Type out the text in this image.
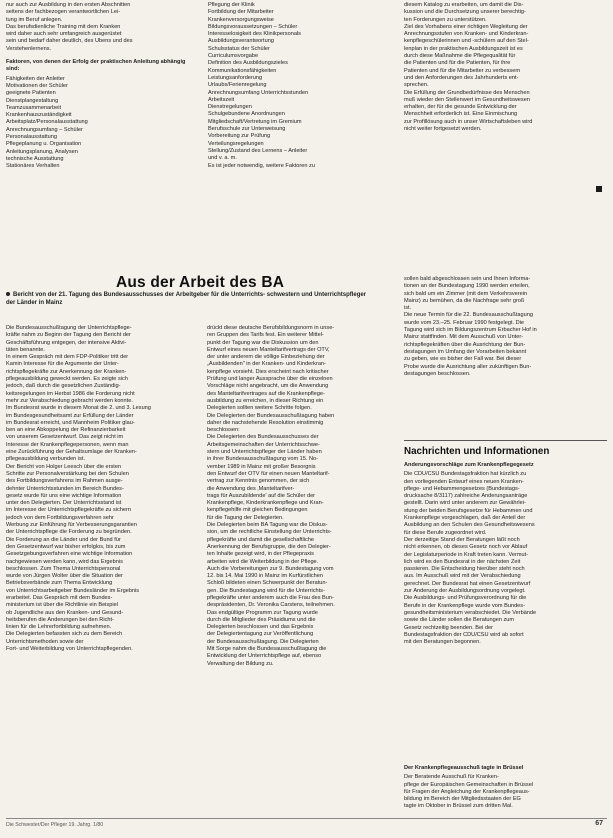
nur auch zur Ausbildung in den ersten Abschnitten
seitens der fachbezogen verantwortlichen Lei-
tung im Beruf anlegen.
Das berufsdienliche Training mit dem Kranken
wird daher auch sehr umfangreich ausgerüstet
sein und bedarf daher deutlich, des Übens und des
Verstehenlernens.

Faktoren, von denen der Erfolg der praktischen Anleitung abhängig sind:

Fähigkeiten der Anleiter
Motivationen der Schüler
geeignete Patienten
Dienstplangestaltung
Teamzusammenarbeit
Krankenhauszuständigkeit
Arbeitsplatz/Personalausstattung
Anrechnungsumfang – Schüler
Personalausstattung
Pflegeplanung u. Organisation
Anleitungsplanung, Analysen
technische Ausstattung
Stationäres Verhalten
Pflegung der Klinik
Fortbildung der Mitarbeiter
Krankenversorgungsweise
Bildungsvoraussetzungen – Schüler
Interesselosigkeit des Klinikpersonals
Ausbildungsverantwortung
Schulsstatus der Schüler
Curriculumsvorgabe
Definition des Ausbildungszieles
Kommunikationsfähigkeiten
Leistungsanforderung
Urlaubs/Ferienregelung
Anrechnungsumfang Unterrichtsstunden
Arbeitszeit
Dienstregelungen
Schulgebundene Anordnungen
Mitgliedschaft/Vertretung im Gremium
Berufsschule zur Unterweisung
Vorbereitung zur Prüfung
Verteilungsregelungen
Stellung/Zustand des Lernens – Anleiter
und v. a. m.
Es ist jeder notwendig, weitere Faktoren zu
diesem Katalog zu erarbeiten, um damit die Dis-
kussion und die Durchsetzung unserer berechtig-
ten Forderungen zu unterstützen.
Ziel des Vorhabens einer richtigen Wegleitung der
Anrechnungsstufen von Kranken- und Kinderkran-
kenpflegeschülerinnen und -schülern auf den Stel-
lenplan in der praktischen Ausbildungszeit ist es
durch diese Maßnahme die Pflegequalität für
die Patienten und für die Patienten, für ihre
Patienten und für die Mitarbeiter zu verbessern
und den Anforderungen des Jahrhunderts ent-
sprechen.
Die Erfüllung der Grundbedürfnisse des Menschen
muß wieder den Stellenwert im Gesundheitswesen
erhalten, der für die gesunde Entwicklung der
Menschheit erforderlich ist. Eine Einmischung
zur Profillösung auch in unser Wirtschaftsleben wird
nicht weiter fortgesetzt werden.
Aus der Arbeit des BA
Bericht von der 21. Tagung des Bundesausschusses der Arbeitgeber für die Unterrichts- schwestern und Unterrichtspfleger der Länder in Mainz
Die Bundesausschußtagung der Unterrichtspflege-
kräfte nahm zu Beginn der Tagung den Bericht der
Geschäftsführung entgegen, der intensive Aktivi-
täten benannte.
In einem Gespräch mit dem FDP-Politiker tritt der
Kamin Interesse für die Argumente der Unter-
richtspflegekräfte zur Anerkennung der Kranken-
pflegeausbildung geweckt werden. Es zeigte sich
jedoch, daß durch die gesetzlichen Zuständig-
keitsregelungen im Herbst 1986 die Forderung nicht
mehr zur Verabschiedung gebracht werden konnte.
Im Bundesrat wurde in diesem Monat die 2. und 3. Lesung
im Bundesgesundheitsamt zur Erfüllung der Länder
im Bundesrat erreicht, und Mannheim Politiker glau-
ben an eine Abkoppelung der Refinanzierbarkeit
von unserem Gesetzentwurf. Das zeigt nicht im
Interesse der Krankenpflegepersonen, wenn man
eine Zurückführung der Gehaltsumlage der Kranken-
pflegeausbildung verbunden ist.
Der Bericht von Holger Leesch über die ersten
Schritte zur Personalverstärkung bei den Schulen
des Fortbildungsverfahrens im Rahmen ausge-
dehnter Unterrichtsstunden im Bereich Bundes-
gesetz wurde für uns eine wichtige Information
unter den Delegierten. Der Unterrichtsstand ist
im Interesse der Unterrichtspflegekräfte zu sichern
jedoch von dem Fortbildungsverfahren sehr
Werbung zur Einführung für Verbesserungsgarantien
der Unterrichtspflege die Forderung zu begründen.
Die Forderung an die Länder und der Bund für
den Gesetzentwurf war bisher erfolglos, bis zum
Gesetzgebungsverfahren eine wichtige Information
nachgewiesen werden kann, wird das Ergebnis
beschlossen. Zum Thema Unterrichtspersonal
wurde von Jürgen Wolter über die Situation der
Betriebsverbände zum Thema Entwicklung
von Unterrichtsarbeitgeber Bundesländer im Ergebnis
erarbeitet. Das Gespräch mit dem Bundes-
ministerium ist über die Richtlinie ein Beispiel
ob Jugendliche aus den Kranken- und Gesund-
heitsberufen die Änderungen bei den Richt-
linien für die Lehrerfortbildung aufnehmen.
Die Delegierten befassten sich zu dem Bereich
Unterrichtsmethoden sowie der
Fort- und Weiterbildung von Unterrichtspflegenden.
drückt diese deutsche Berufsbildungsnorm in unse-
ren Gruppen des Tarifs fest. Ein weiterer Mittel-
punkt der Tagung war die Diskussion um den
Entwurf eines neuen Manteltarifvertrags der ÖTV,
der unter anderem die völlige Einbeziehung der
„Ausbildenden" in der Kranken- und Kinderkran-
kenpflege vorsieht. Dies erscheint nach kritischer
Prüfung und langer Aussprache über die einzelnen
Vorschläge nicht angebracht, um die Anwendung
des Manteltarifvertrages auf die Krankenpflege-
ausbildung zu erreichen, in dieser Richtung ein
Delegierten sollten weitere Schritte folgen.
Die Delegierten der Bundesausschußtagung haben
daher die nachstehende Resolution einstimmig
beschlossen:
Die Delegierten des Bundesausschusses der
Arbeitsgemeinschaften der Unterrichtsschwe-
stern und Unterrichtspfleger der Länder haben
in ihrer Bundesausschußtagung vom 15. No-
vember 1989 in Mainz mit großer Besorgnis
den Entwurf der ÖTV für einen neuen Manteltarif-
vertrag zur Kenntnis genommen, der sich
die Anwendung des ‚Manteltarifver-
trags für Auszubildende' auf die Schüler der
Krankenpflege, Kinderkrankenpflege und Kran-
kenpflegehilfe mit gleichen Bedingungen
für die Tagung der Delegierten.
Die Delegierten beim BA Tagung war die Diskus-
sion, um die rechtliche Einstellung der Unterrichts-
pflegekräfte und damit die gesellschaftliche
Anerkennung der Berufsgruppe, die den Delegier-
ten Inhalte gezeigt wird, in der Pflegepraxis
arbeiten wird die Weiterbildung in der Pflege.
Auch die Vorbereitungen zur 9. Bundestagung vom
12. bis 14. Mai 1990 in Mainz im Kurfürstlichen
Schloß bildeten einen Schwerpunkt der Beratun-
gen. Die Bundestagung wird für die Unterrichts-
pflegekräfte unter anderem auch die Frau des Bun-
despräsidenten, Dr. Veronika Carstens, teilnehmen.
Das endgültige Programm zur Tagung wurde
durch die Mitglieder des Präsidiums und die
Delegierten beschlossen und das Ergebnis
der Delegiertentagung zur Veröffentlichung
der Bundesausschußtagung. Die Delegierten
Mit Sorge nahm die Bundesausschußtagung die
Entwicklung der Unterrichtspflege auf, ebenso
Verwaltung der Bildung zu.
sollen bald abgeschlossen sein und Ihnen Informa-
tionen an der Bundestagung 1990 werden erteilen,
sich bald um ein Zimmer (mit dem Verkehrsverein
Mainz) zu bemühen, da die Nachfrage sehr groß
ist.
Die neue Termin für die 22. Bundesausschußtagung
wurde vom 23.–25. Februar 1990 festgelegt. Die
Tagung wird sich im Bildungszentrum Erbacher Hof in
Mainz stattfinden. Mit dem Ausschuß von Unter-
richtspflegekräften über die Ausrichtung der Bun-
destagungen im Umfang der Vorarbeiten bekannt
zu geben, wie es bisher der Fall war. Bei dieser
Probe wurde die Ausrichtung aller zukünftigen Bun-
destagungen beschlossen.
Nachrichten und Informationen

Änderungsvorschläge zum Krankenpflegegesetz

Die CDU/CSU Bundestagsfraktion hat kürzlich zu
den vorliegenden Entwurf eines neuen Kranken-
pflege- und Hebammengesetzes (Bundestags-
drucksache 8/3117) zahlreiche Änderungsanträge
gestellt. Darin wird unter anderem zur Gewährlei-
stung der beiden Berufsgesetze für Hebammen und
Krankenpflege vorgeschlagen, daß der Anteil der
Ausbildung an den Schulen des Gesundheitswesens
für diese Berufe zugeordnet wird.
Der derzeitige Stand der Beratungen läßt noch
nicht erkennen, ob dieses Gesetz noch vor Ablauf
der Legislaturperiode in Kraft treten kann. Vermut-
lich wird es den Bundesrat in der nächsten Zeit
passieren. Die Entscheidung hierüber steht noch
aus. Im Ausschuß wird mit der Verabschiedung
gerechnet. Der Bundesrat hat einen Gesetzentwurf
zur Änderung der Ausbildungsordnung vorgelegt.
Die Ausbildungs- und Prüfungsverordnung für die
Berufe in der Krankenpflege wurde vom Bundes-
gesundheitsministerium verabschiedet. Die Verbände
sowie die Länder sollen die Beratungen zum
Gesetz rechtzeitig beenden. Bei der
Bundestagsfraktion der CDU/CSU wird ab sofort
mit den Beratungen begonnen.

Der Krankenpflegeausschuß tagte in Brüssel

Der Beratende Ausschuß für Kranken-
pflege der Europäischen Gemeinschaften in Brüssel
für Fragen der Angleichung der Krankenpflegeaus-
bildung im Bereich der Mitgliedsstaaten der EG
tagte im Oktober in Brüssel zum dritten Mal.
Die Schwester/Der Pfleger 19. Jahrg. 1/80	67
